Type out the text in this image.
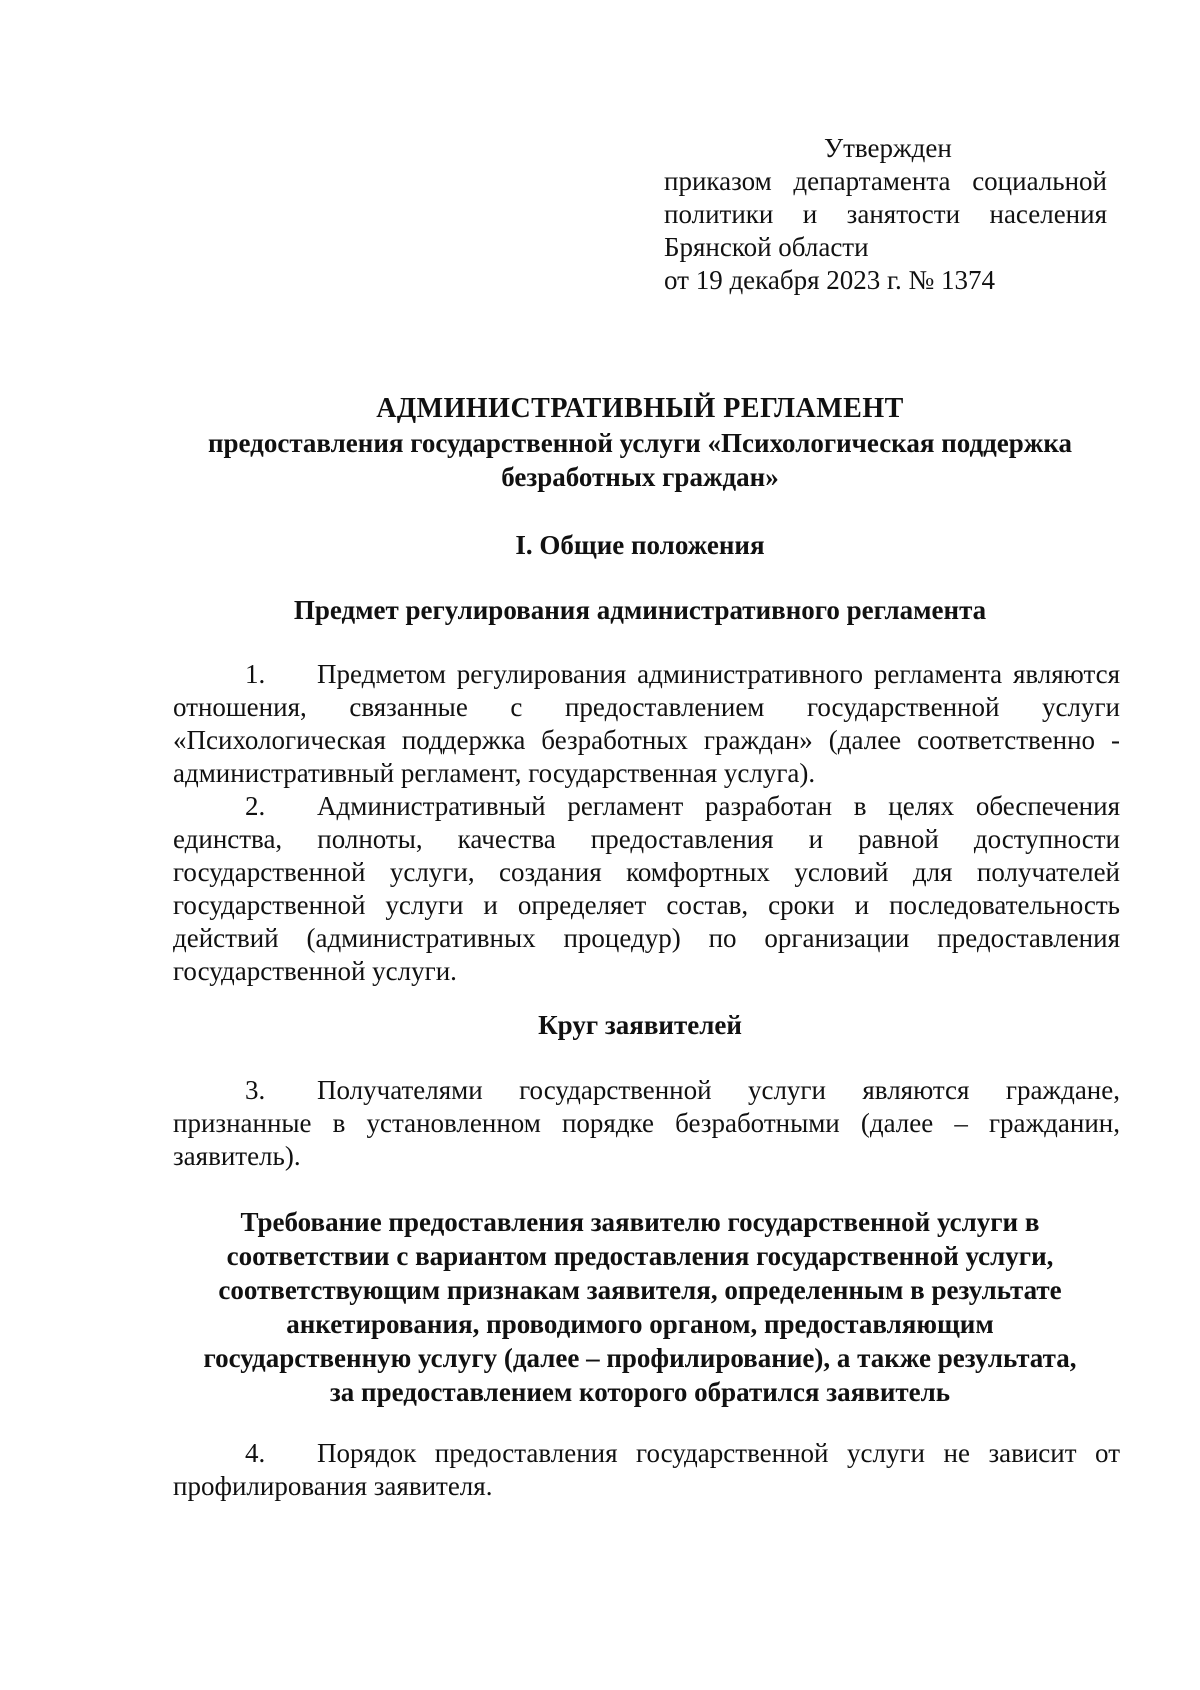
Утвержден
приказом департамента социальной
политики и занятости населения
Брянской области
от 19 декабря 2023 г. № 1374
АДМИНИСТРАТИВНЫЙ РЕГЛАМЕНТ
предоставления государственной услуги «Психологическая поддержка
безработных граждан»
I. Общие положения
Предмет регулирования административного регламента
1. Предметом регулирования административного регламента являются отношения, связанные с предоставлением государственной услуги «Психологическая поддержка безработных граждан» (далее соответственно - административный регламент, государственная услуга).
2. Административный регламент разработан в целях обеспечения единства, полноты, качества предоставления и равной доступности государственной услуги, создания комфортных условий для получателей государственной услуги и определяет состав, сроки и последовательность действий (административных процедур) по организации предоставления государственной услуги.
Круг заявителей
3. Получателями государственной услуги являются граждане, признанные в установленном порядке безработными (далее – гражданин, заявитель).
Требование предоставления заявителю государственной услуги в
соответствии с вариантом предоставления государственной услуги,
соответствующим признакам заявителя, определенным в результате
анкетирования, проводимого органом, предоставляющим
государственную услугу (далее – профилирование), а также результата,
за предоставлением которого обратился заявитель
4. Порядок предоставления государственной услуги не зависит от профилирования заявителя.
